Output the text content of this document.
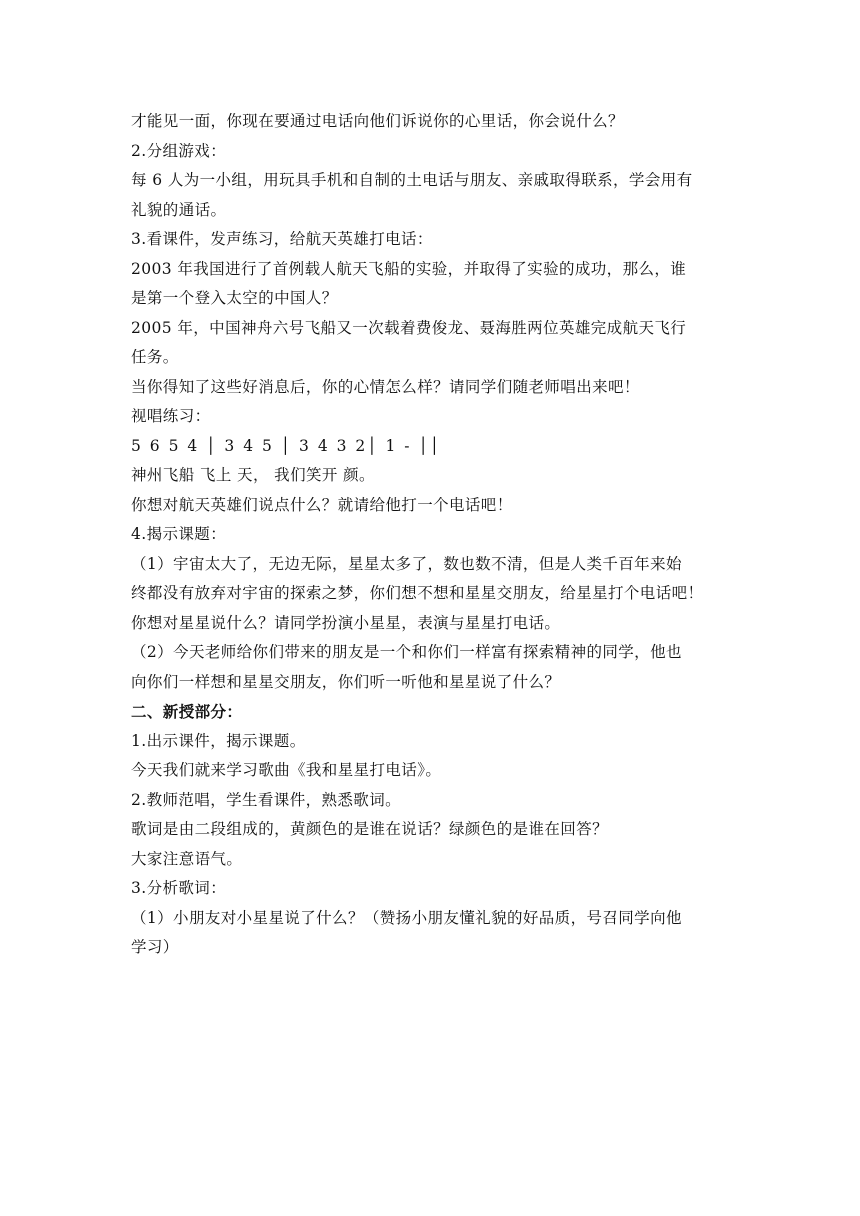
才能见一面，你现在要通过电话向他们诉说你的心里话，你会说什么？
2.分组游戏：
每 6 人为一小组，用玩具手机和自制的土电话与朋友、亲戚取得联系，学会用有
礼貌的通话。
3.看课件，发声练习，给航天英雄打电话：
2003 年我国进行了首例载人航天飞船的实验，并取得了实验的成功，那么，谁
是第一个登入太空的中国人？
2005 年，中国神舟六号飞船又一次载着费俊龙、聂海胜两位英雄完成航天飞行
任务。
当你得知了这些好消息后，你的心情怎么样？请同学们随老师唱出来吧！
视唱练习：
5 6 5 4 │ 3 4 5 │ 3 4 3 2│ 1 - ││
神州飞船 飞上 天， 我们笑开 颜。
你想对航天英雄们说点什么？就请给他打一个电话吧！
4.揭示课题：
（1）宇宙太大了，无边无际，星星太多了，数也数不清，但是人类千百年来始
终都没有放弃对宇宙的探索之梦，你们想不想和星星交朋友，给星星打个电话吧！
你想对星星说什么？请同学扮演小星星，表演与星星打电话。
（2）今天老师给你们带来的朋友是一个和你们一样富有探索精神的同学，他也
向你们一样想和星星交朋友，你们听一听他和星星说了什么？
二、新授部分：
1.出示课件，揭示课题。
今天我们就来学习歌曲《我和星星打电话》。
2.教师范唱，学生看课件，熟悉歌词。
歌词是由二段组成的，黄颜色的是谁在说话？绿颜色的是谁在回答？
大家注意语气。
3.分析歌词：
（1）小朋友对小星星说了什么？（赞扬小朋友懂礼貌的好品质，号召同学向他
学习）
